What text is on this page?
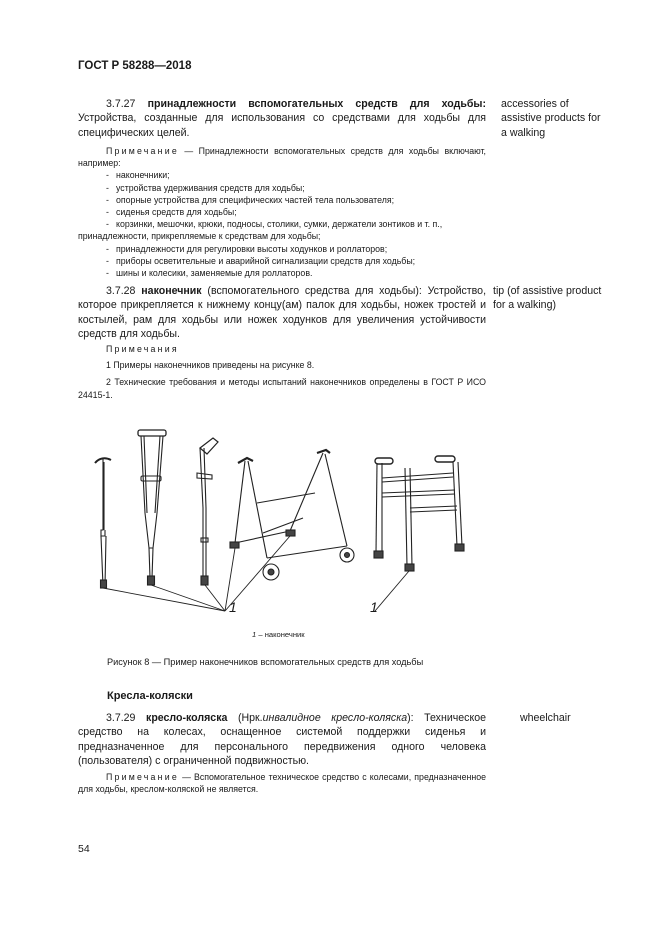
ГОСТ Р 58288—2018

3.7.27 принадлежности вспомогательных средств для ходьбы: Устройства, созданные для использования со средствами для ходьбы для специфических целей.

accessories of
assistive products for
a walking

Примечание — Принадлежности вспомогательных средств для ходьбы включают, например:

- наконечники;
- устройства удерживания средств для ходьбы;
- опорные устройства для специфических частей тела пользователя;
- сиденья средств для ходьбы;
- корзинки, мешочки, крюки, подносы, столики, сумки, держатели зонтиков и т. п.,
принадлежности, прикрепляемые к средствам для ходьбы;
- принадлежности для регулировки высоты ходунков и роллаторов;
- приборы осветительные и аварийной сигнализации средств для ходьбы;
- шины и колесики, заменяемые для роллаторов.

3.7.28 наконечник (вспомогательного средства для ходьбы): Устройство, которое прикрепляется к нижнему концу(ам) палок для ходьбы, ножек тростей и костылей, рам для ходьбы или ножек ходунков для увеличения устойчивости средств для ходьбы.

tip (of assistive product
for a walking)

Примечания

1 Примеры наконечников приведены на рисунке 8.

2 Технические требования и методы испытаний наконечников определены в ГОСТ Р ИСО 24415-1.

1	1
1 – наконечник
Рисунок 8 — Пример наконечников вспомогательных средств для ходьбы
Кресла-коляски

3.7.29 кресло-коляска (Нрк.инвалидное кресло-коляска): Техническое средство на колесах, оснащенное системой поддержки сиденья и предназначенное для персонального передвижения одного человека (пользователя) с ограниченной подвижностью.

wheelchair

Примечание — Вспомогательное техническое средство с колесами, предназначенное для ходьбы, креслом-коляской не является.

54
